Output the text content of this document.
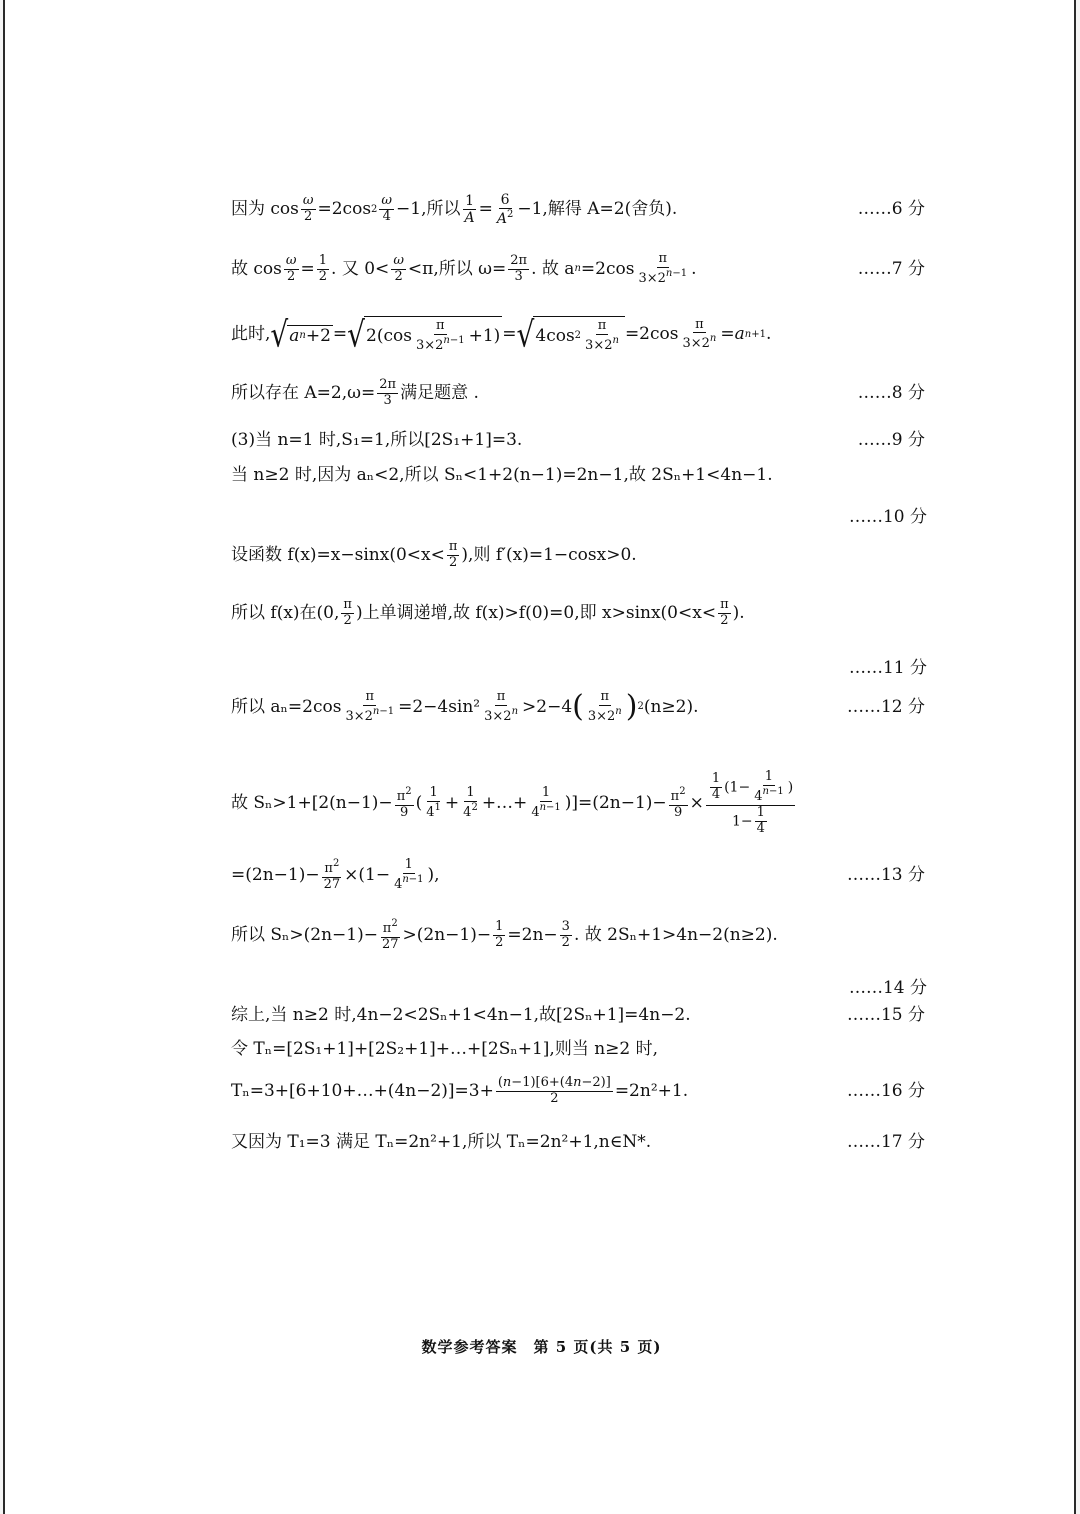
因为 $\cos \frac{\omega}{2} =2\cos$ $2 \frac{\omega}{4} -1$,所以 $\frac{1}{A} = \frac{6}{A^2} -1$,解得 A=2(舍负).	……6 分
故 $\cos \frac{\omega}{2} = \frac{1}{2}$ . 又 $0< \frac{\omega}{2} <\pi$,所以 $\omega= \frac{2\pi}{3}$ . 故 a $n =2\cos \frac{\pi}{3\times 2^{n-1}}$ .	……7 分
此时, √ a n +2 = √ $2(\cos \frac{\pi}{3\times 2^{n-1}} +1)$ = √ 4cos $2 \frac{\pi}{3\times 2^n} =2\cos \frac{\pi}{3\times 2^n} = a$ n+1 .
所以存在 $A=2,\omega= \frac{2\pi}{3}$ 满足题意 .	……8 分
(3)当 n=1 时,S₁=1,所以[2S₁+1]=3.	……9 分
当 n≥2 时,因为 aₙ<2,所以 Sₙ<1+2(n−1)=2n−1,故 2Sₙ+1<4n−1.
……10 分
设函数 $f(x)=x-\sin x(0<x< \frac{\pi}{2}$ ),则 f′(x)=1−cosx>0.
所以 f(x)在(0, $\frac{\pi}{2}$ )上单调递增,故 f(x)>f(0)=0,即 $x>\sin x(0<x< \frac{\pi}{2}$ ).
……11 分
所以 $a_n=2\cos \frac{\pi}{3\times 2^{n-1}} =2-4\sin^2 \frac{\pi}{3\times 2^n} >2-4$ ( $\frac{\pi}{3\times 2^n}$ ) 2 (n≥2).	……12 分
故 $S_n>1+[2(n-1)- \frac{\pi^2}{9}$ ( $\frac{1}{4^1} + \frac{1}{4^2}$ +…+ $\frac{1}{4^{n-1}} )]=(2n-1)- \frac{\pi^2}{9} \times \frac{\frac{1}{4} (1- \frac{1}{4^{n-1}} )}{1- \frac{1}{4}}$
$=(2n-1)- \frac{\pi^2}{27} \times(1- \frac{1}{4^{n-1}}$ ),	……13 分
所以 $S_n>(2n-1)- \frac{\pi^2}{27} >(2n-1)- \frac{1}{2} =2n- \frac{3}{2}$ . 故 2Sₙ+1>4n−2(n≥2).
……14 分
综上,当 n≥2 时,4n−2<2Sₙ+1<4n−1,故[2Sₙ+1]=4n−2.	……15 分
令 Tₙ=[2S₁+1]+[2S₂+1]+…+[2Sₙ+1],则当 n≥2 时,
Tₙ=3+[6+10+…+(4n−2)]=3+ $\frac{(n-1)[6+(4n-2)]}{2} =2n^2+1$.	……16 分
又因为 T₁=3 满足 Tₙ=2n²+1,所以 Tₙ=2n²+1,n∈N*.	……17 分
数学参考答案　第 5 页(共 5 页)
